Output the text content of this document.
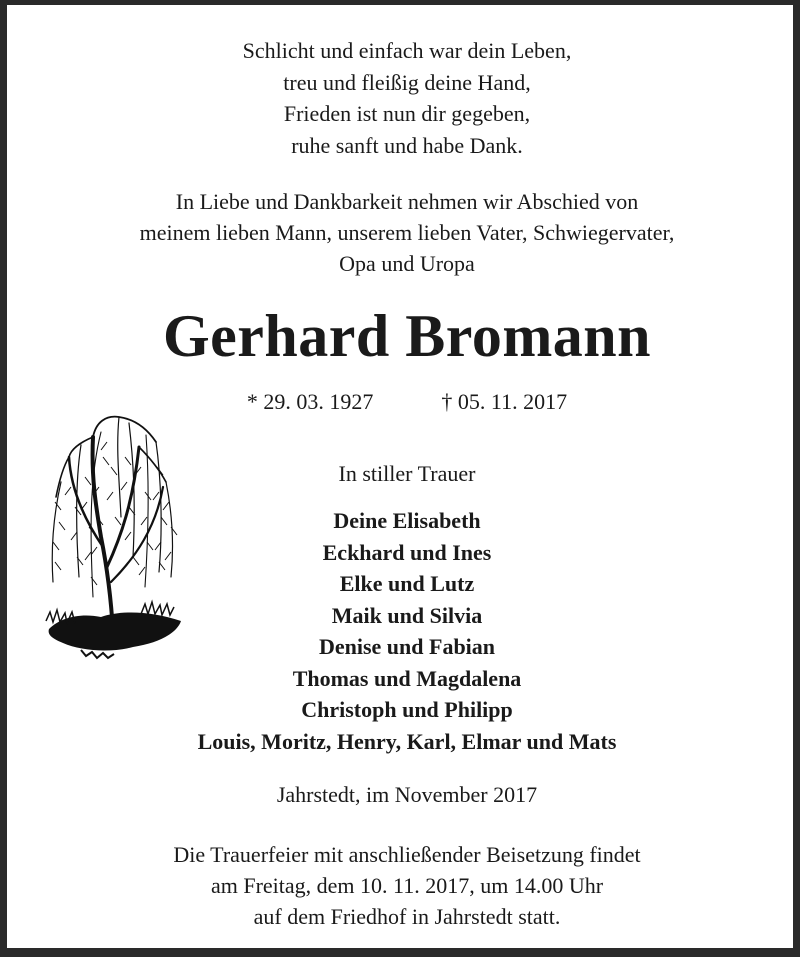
Schlicht und einfach war dein Leben,
treu und fleißig deine Hand,
Frieden ist nun dir gegeben,
ruhe sanft und habe Dank.
In Liebe und Dankbarkeit nehmen wir Abschied von
meinem lieben Mann, unserem lieben Vater, Schwiegervater,
Opa und Uropa
Gerhard Bromann
* 29. 03. 1927	† 05. 11. 2017
In stiller Trauer
Deine Elisabeth
Eckhard und Ines
Elke und Lutz
Maik und Silvia
Denise und Fabian
Thomas und Magdalena
Christoph und Philipp
Louis, Moritz, Henry, Karl, Elmar und Mats
Jahrstedt, im November 2017
Die Trauerfeier mit anschließender Beisetzung findet
am Freitag, dem 10. 11. 2017, um 14.00 Uhr
auf dem Friedhof in Jahrstedt statt.
